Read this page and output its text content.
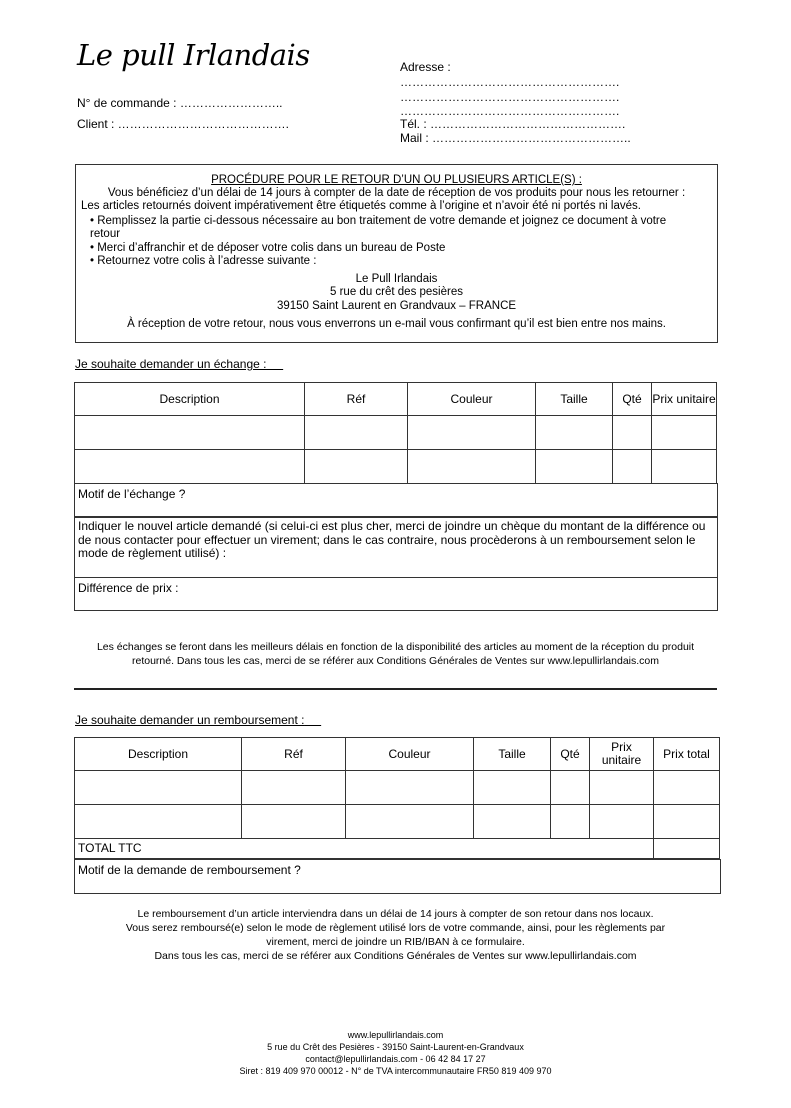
Le pull Irlandais
N° de commande : ……………………..
Client : …………………………………….
Adresse :
……………………………………………….
……………………………………………….
……………………………………………….
Tél. : ………………………………………….
Mail : …………………………………………..
PROCÉDURE POUR LE RETOUR D’UN OU PLUSIEURS ARTICLE(S) :
Vous bénéficiez d’un délai de 14 jours à compter de la date de réception de vos produits pour nous les retourner :
Les articles retournés doivent impérativement être étiquetés comme à l’origine et n’avoir été ni portés ni lavés.
• Remplissez la partie ci-dessous nécessaire au bon traitement de votre demande et joignez ce document à votre
retour
• Merci d’affranchir et de déposer votre colis dans un bureau de Poste
• Retournez votre colis à l’adresse suivante :
Le Pull Irlandais
5 rue du crêt des pesières
39150 Saint Laurent en Grandvaux – FRANCE
À réception de votre retour, nous vous enverrons un e-mail vous confirmant qu’il est bien entre nos mains.
Je souhaite demander un échange :
Description	Réf	Couleur	Taille	Qté	Prix unitaire

Motif de l’échange ?
Indiquer le nouvel article demandé (si celui-ci est plus cher, merci de joindre un chèque du montant de la différence ou de nous contacter pour effectuer un virement; dans le cas contraire, nous procèderons à un remboursement selon le mode de règlement utilisé) :
Différence de prix :
Les échanges se feront dans les meilleurs délais en fonction de la disponibilité des articles au moment de la réception du produit
retourné. Dans tous les cas, merci de se référer aux Conditions Générales de Ventes sur www.lepullirlandais.com
Je souhaite demander un remboursement :
Description	Réf	Couleur	Taille	Qté	Prix unitaire	Prix total

TOTAL TTC						
Motif de la demande de remboursement ?
Le remboursement d’un article interviendra dans un délai de 14 jours à compter de son retour dans nos locaux.
Vous serez remboursé(e) selon le mode de règlement utilisé lors de votre commande, ainsi, pour les règlements par
virement, merci de joindre un RIB/IBAN à ce formulaire.
Dans tous les cas, merci de se référer aux Conditions Générales de Ventes sur www.lepullirlandais.com
www.lepullirlandais.com
5 rue du Crêt des Pesières - 39150 Saint-Laurent-en-Grandvaux
contact@lepullirlandais.com - 06 42 84 17 27
Siret : 819 409 970 00012 - N° de TVA intercommunautaire FR50 819 409 970
